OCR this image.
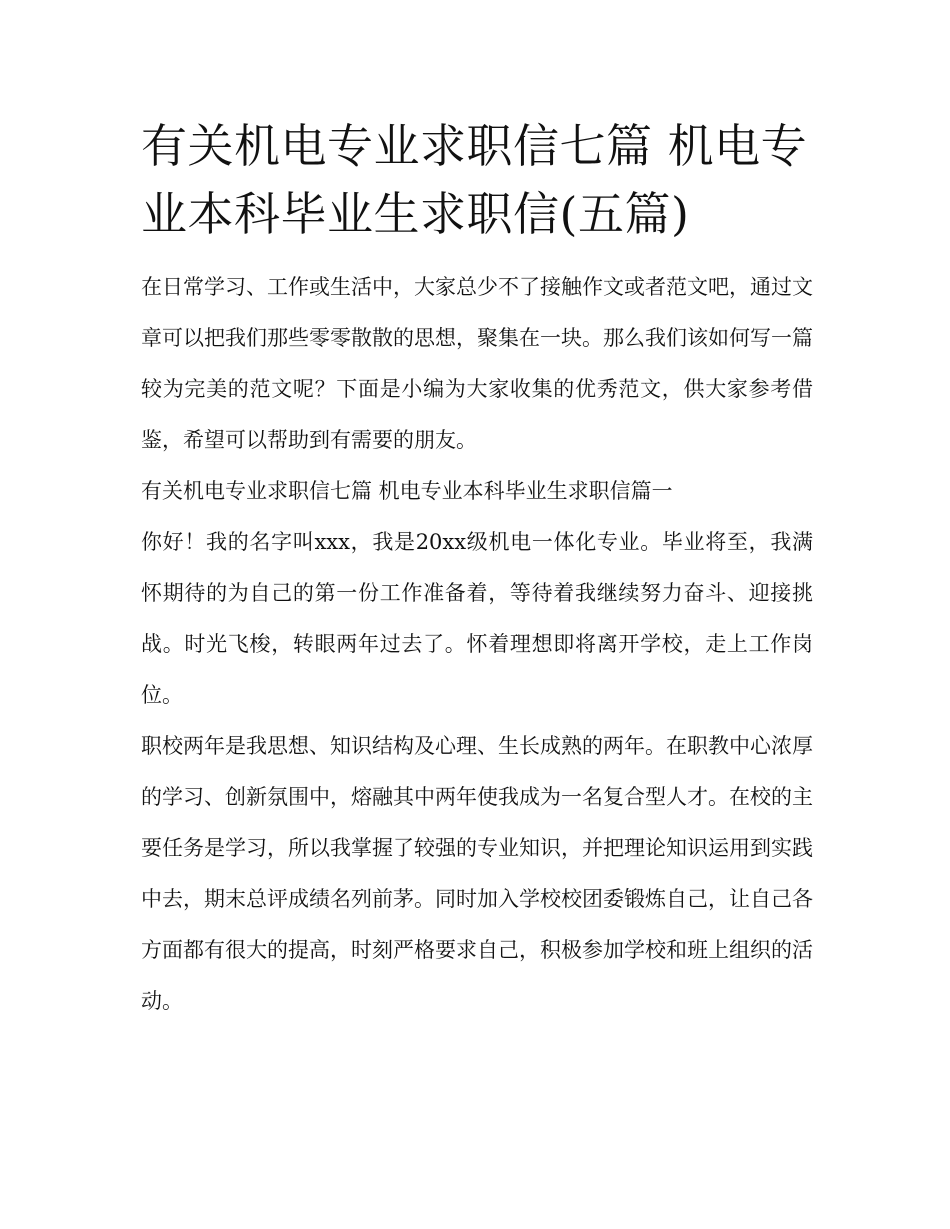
有关机电专业求职信七篇 机电专业本科毕业生求职信(五篇)

在日常学习、工作或生活中，大家总少不了接触作文或者范文吧，通过文章可以把我们那些零零散散的思想，聚集在一块。那么我们该如何写一篇较为完美的范文呢？下面是小编为大家收集的优秀范文，供大家参考借鉴，希望可以帮助到有需要的朋友。

有关机电专业求职信七篇 机电专业本科毕业生求职信篇一

你好！我的名字叫xxx，我是20xx级机电一体化专业。毕业将至，我满怀期待的为自己的第一份工作准备着，等待着我继续努力奋斗、迎接挑战。时光飞梭，转眼两年过去了。怀着理想即将离开学校，走上工作岗位。

职校两年是我思想、知识结构及心理、生长成熟的两年。在职教中心浓厚的学习、创新氛围中，熔融其中两年使我成为一名复合型人才。在校的主要任务是学习，所以我掌握了较强的专业知识，并把理论知识运用到实践中去，期末总评成绩名列前茅。同时加入学校校团委锻炼自己，让自己各方面都有很大的提高，时刻严格要求自己，积极参加学校和班上组织的活动。
